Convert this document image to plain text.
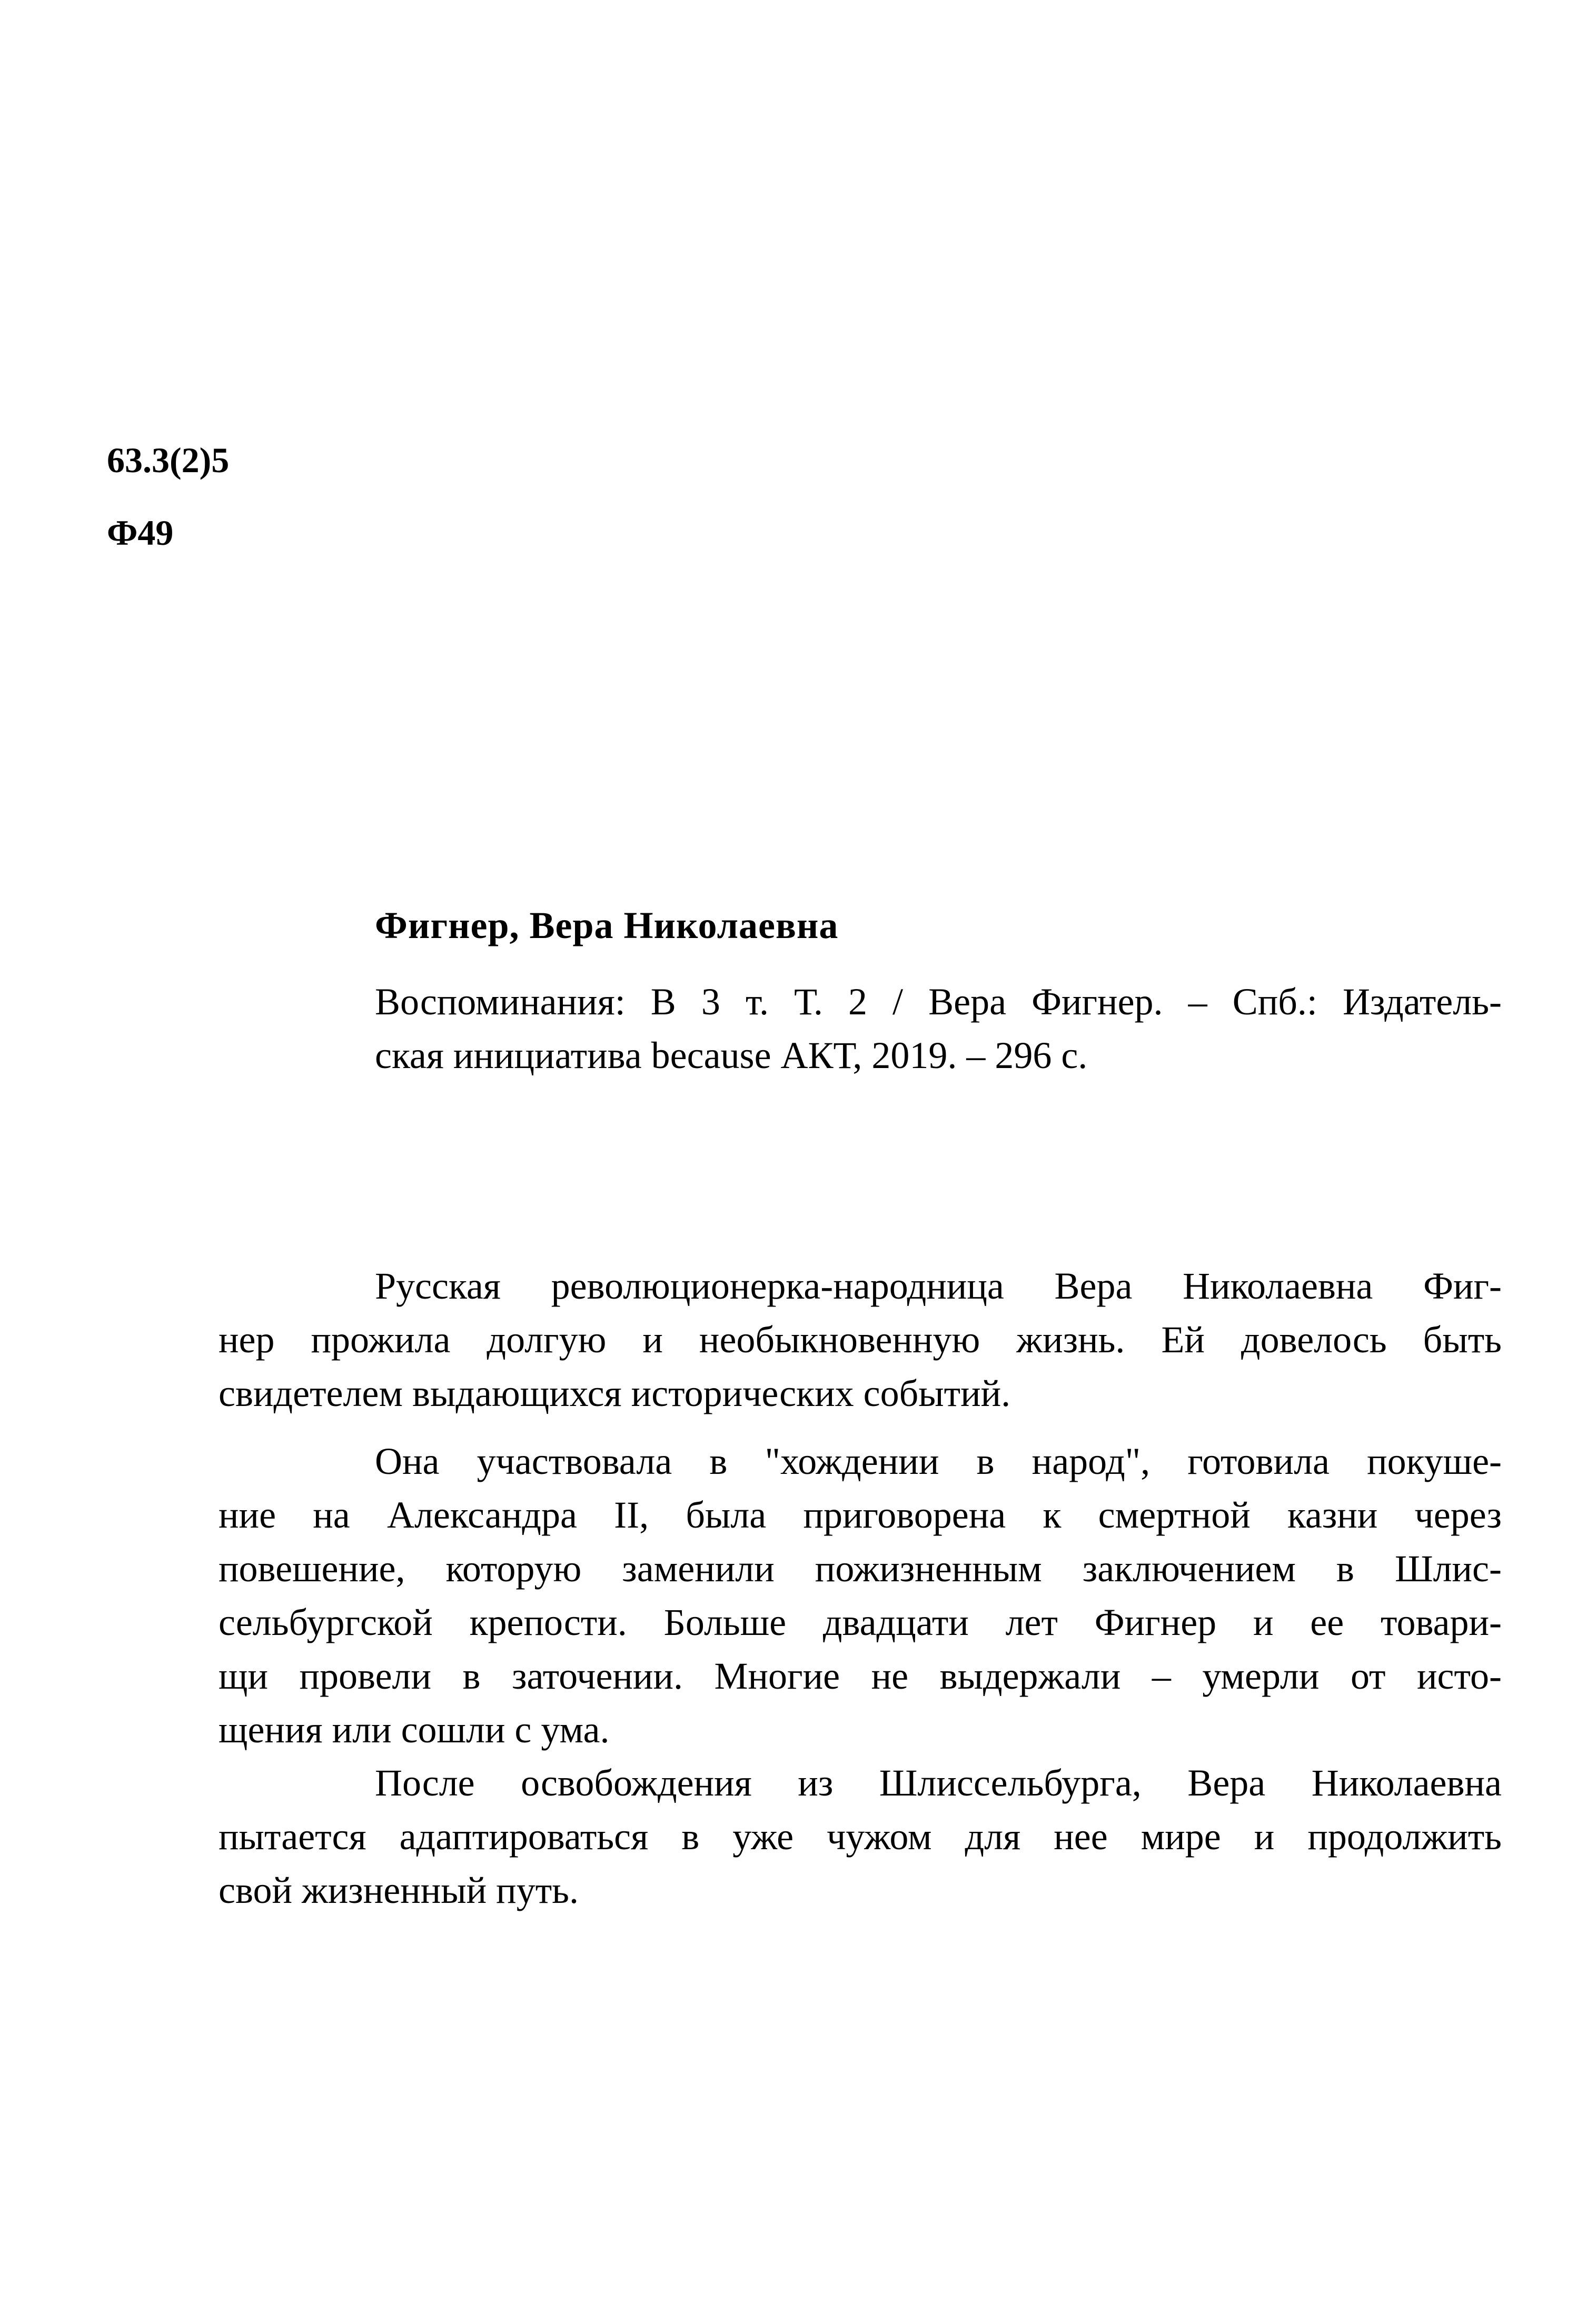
63.3(2)5
Ф49
Фигнер, Вера Николаевна

Воспоминания: В 3 т. Т. 2 / Вера Фигнер. – Спб.: Издатель-
ская инициатива because АКТ, 2019. – 296 с.

Русская революционерка-народница Вера Николаевна Фиг-
нер прожила долгую и необыкновенную жизнь. Ей довелось быть
свидетелем выдающихся исторических событий.

Она участвовала в "хождении в народ", готовила покуше-
ние на Александра II, была приговорена к смертной казни через
повешение, которую заменили пожизненным заключением в Шлис-
сельбургской крепости. Больше двадцати лет Фигнер и ее товари-
щи провели в заточении. Многие не выдержали – умерли от исто-
щения или сошли с ума.

После освобождения из Шлиссельбурга, Вера Николаевна
пытается адаптироваться в уже чужом для нее мире и продолжить
свой жизненный путь.
